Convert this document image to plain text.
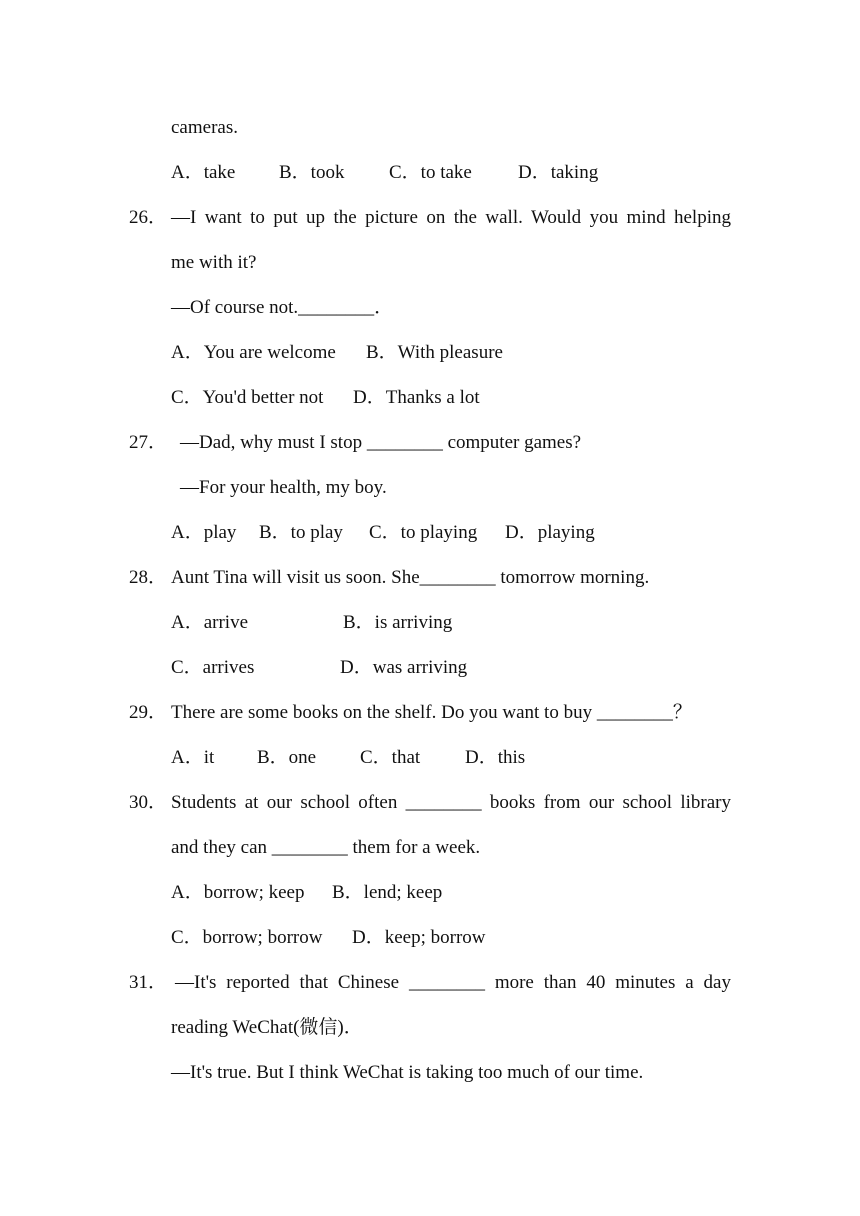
cameras.
A．take B．took C．to take D．taking
26． —I want to put up the picture on the wall. Would you mind helping
me with it?
—Of course not.________．
A．You are welcome B．With pleasure
C．You'd better not D．Thanks a lot
27． —Dad, why must I stop ________ computer games?
—For your health, my boy.
A．play B．to play C．to playing D．playing
28． Aunt Tina will visit us soon. She________ tomorrow morning.
A．arrive	B．is arriving
C．arrives	D．was arriving
29． There are some books on the shelf. Do you want to buy ________？
A．it B．one C．that D．this
30． Students at our school often ________ books from our school library
and they can ________ them for a week.
A．borrow; keep B．lend; keep
C．borrow; borrow D．keep; borrow
31． —It's reported that Chinese ________ more than 40 minutes a day
reading WeChat(微信)．
—It's true. But I think WeChat is taking too much of our time.
